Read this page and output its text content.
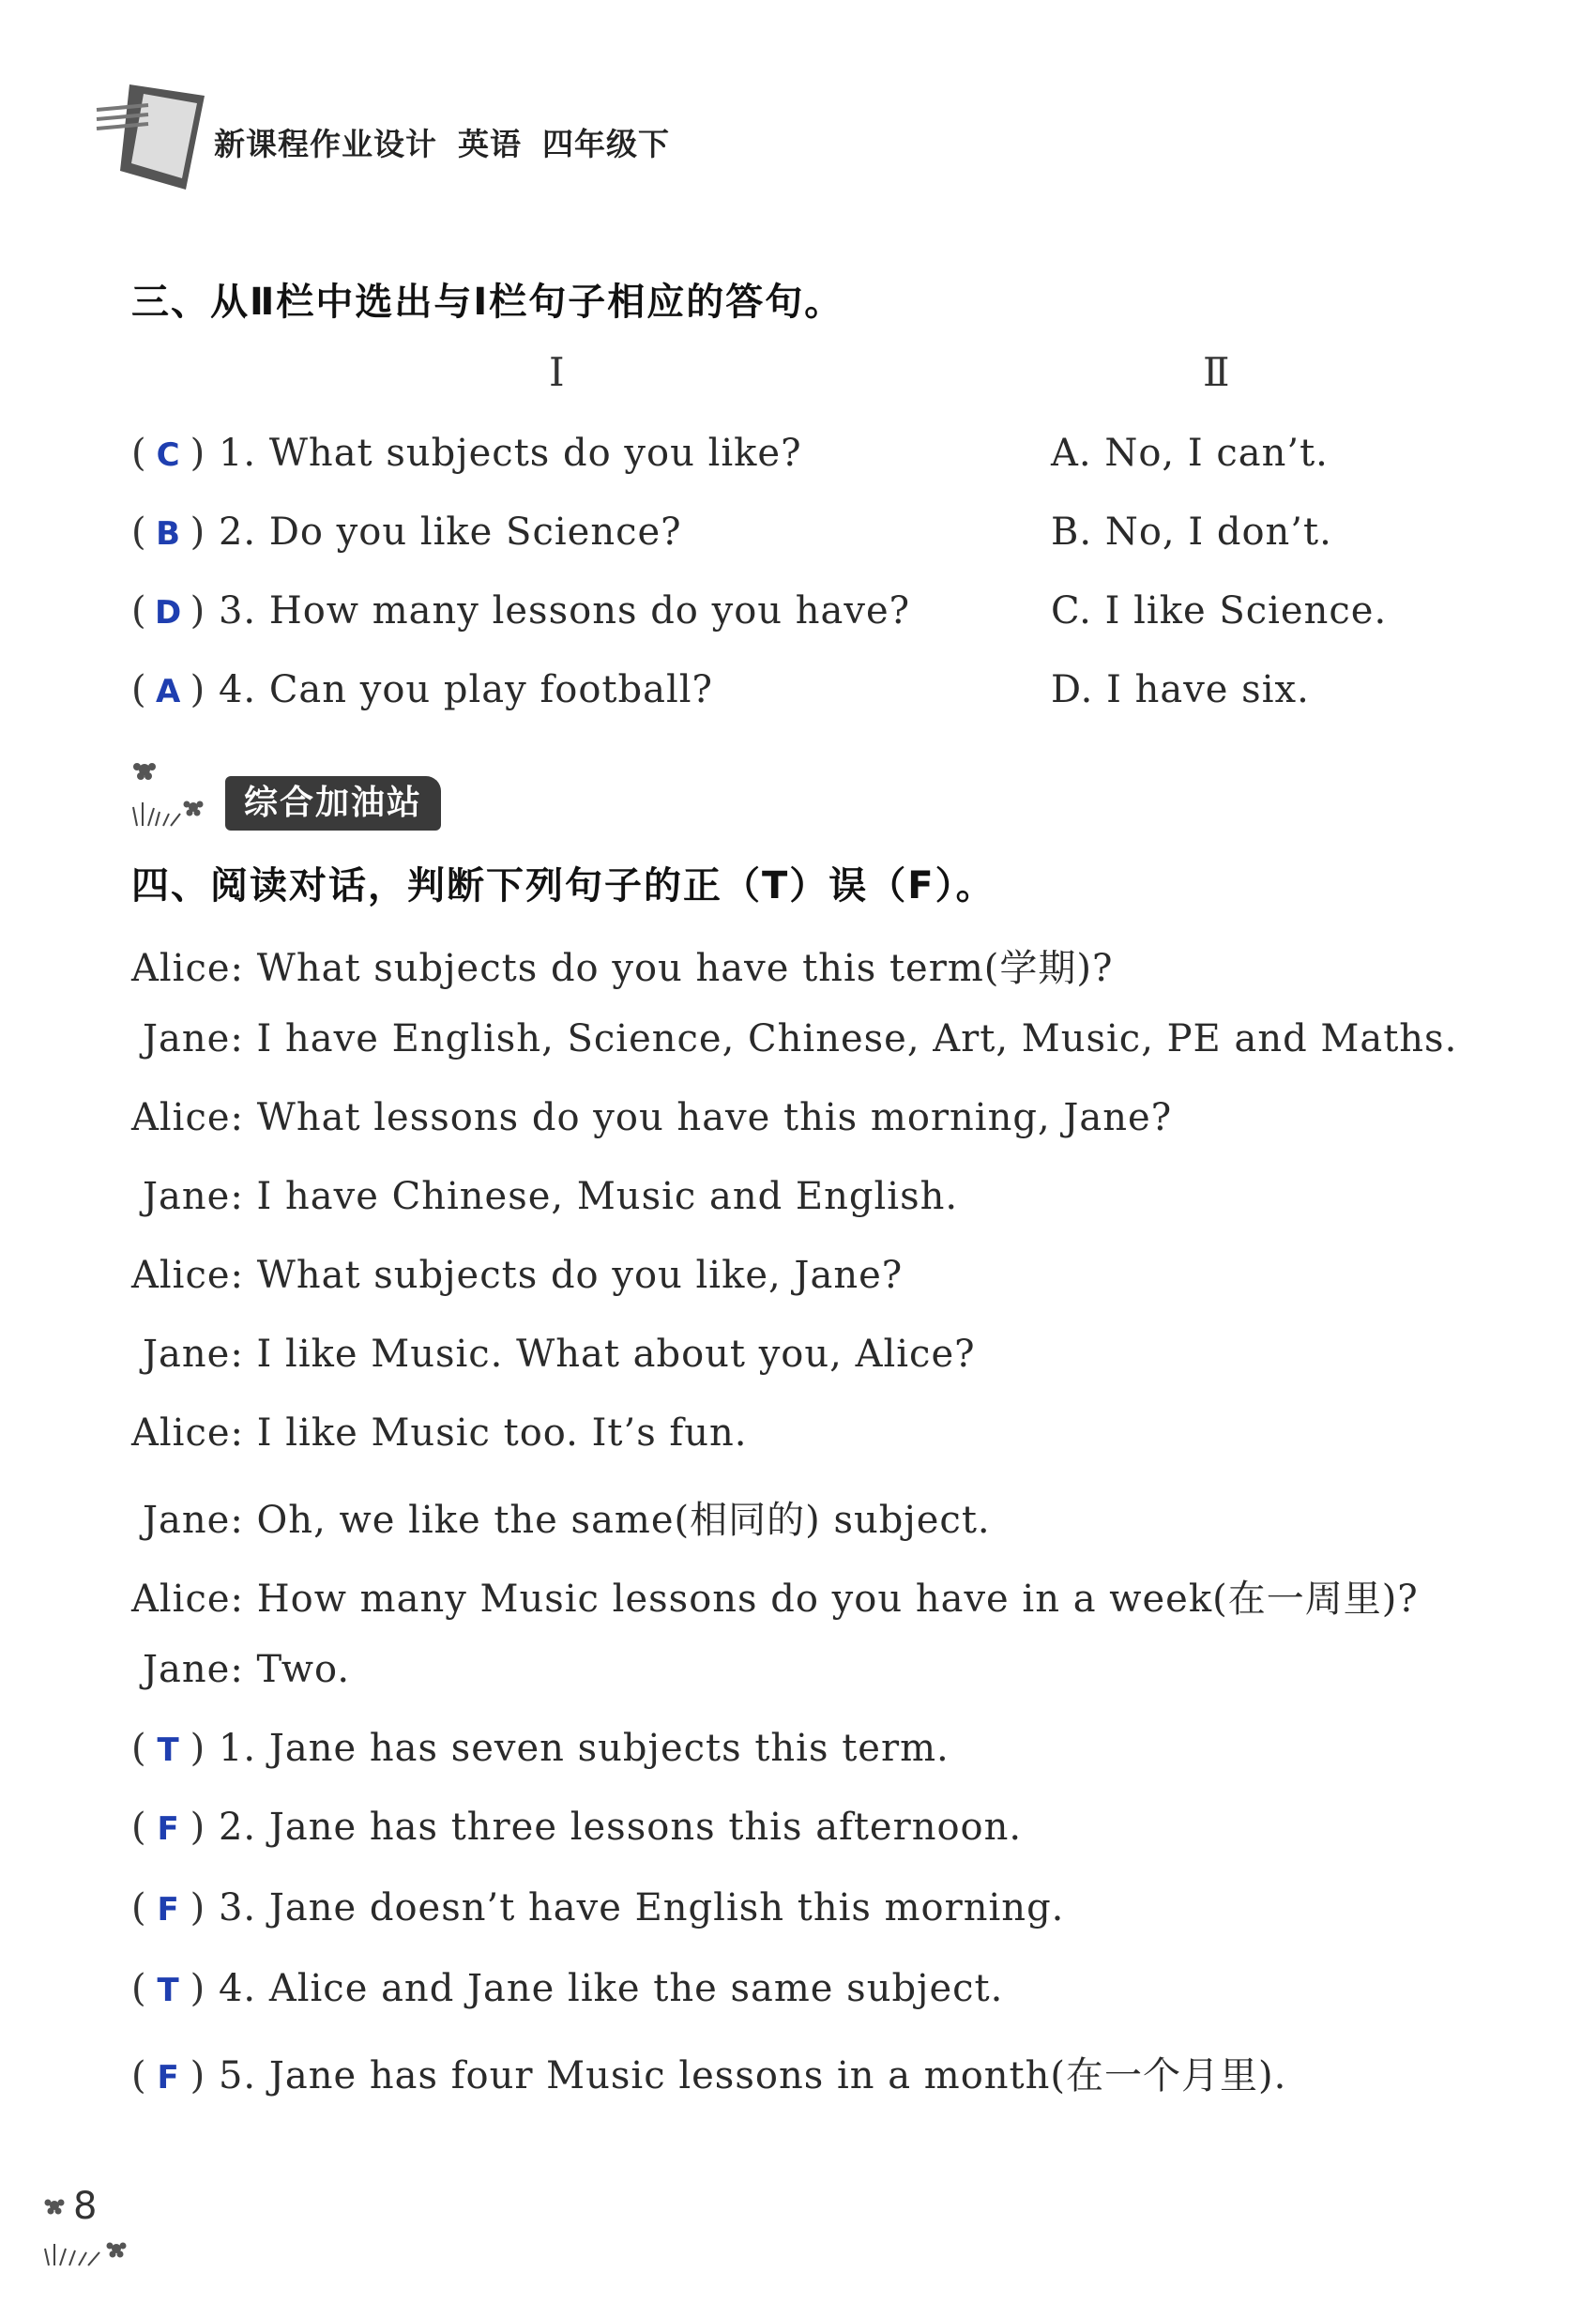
新课程作业设计 英语 四年级下
三、从Ⅱ栏中选出与Ⅰ栏句子相应的答句。
Ⅰ	Ⅱ
( C ) 1. What subjects do you like?
( B ) 2. Do you like Science?
( D ) 3. How many lessons do you have?
( A ) 4. Can you play football?
A. No, I can’t.
B. No, I don’t.
C. I like Science.
D. I have six.
综合加油站
四、阅读对话，判断下列句子的正（T）误（F）。
Alice: What subjects do you have this term(学期)?
Jane: I have English, Science, Chinese, Art, Music, PE and Maths.
Alice: What lessons do you have this morning, Jane?
Jane: I have Chinese, Music and English.
Alice: What subjects do you like, Jane?
Jane: I like Music. What about you, Alice?
Alice: I like Music too. It’s fun.
Jane: Oh, we like the same(相同的) subject.
Alice: How many Music lessons do you have in a week(在一周里)?
Jane: Two.
( T ) 1. Jane has seven subjects this term.
( F ) 2. Jane has three lessons this afternoon.
( F ) 3. Jane doesn’t have English this morning.
( T ) 4. Alice and Jane like the same subject.
( F ) 5. Jane has four Music lessons in a month(在一个月里).
8
